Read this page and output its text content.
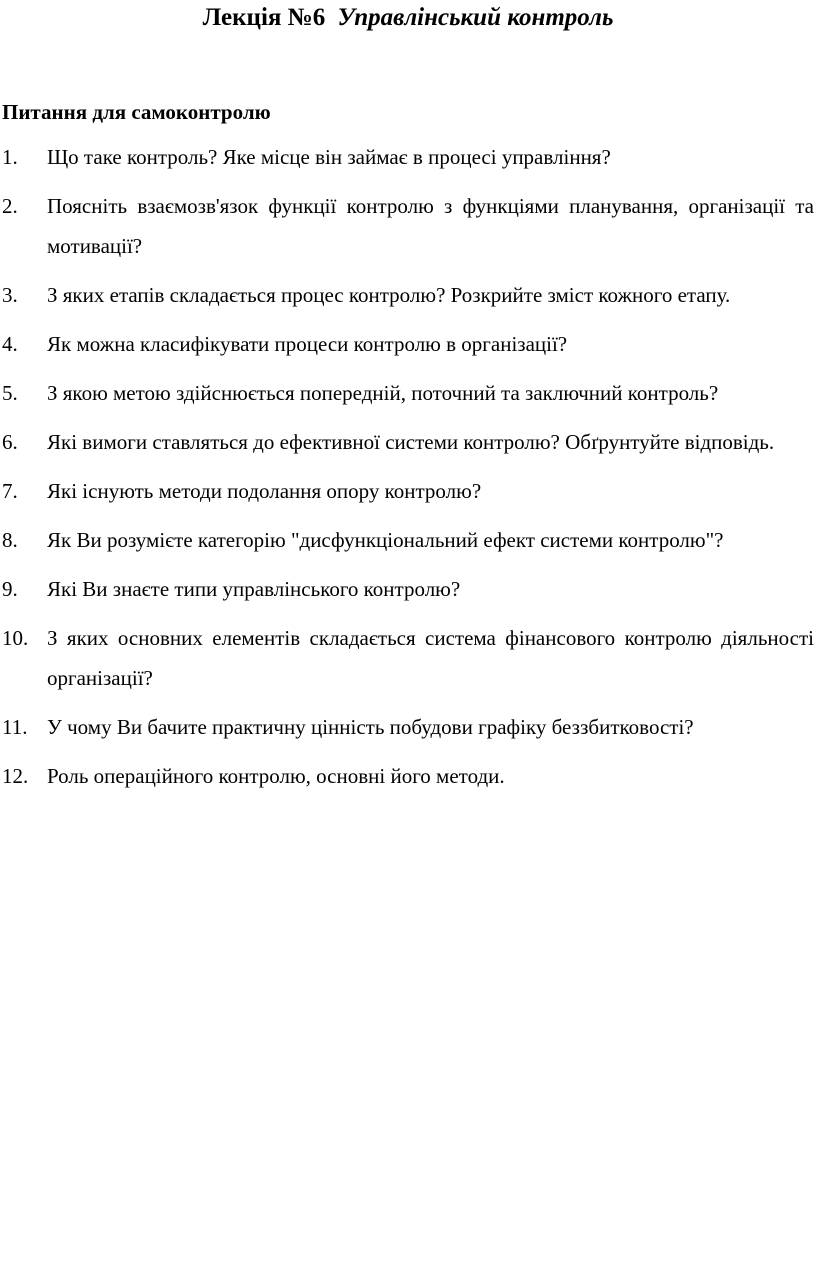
Лекція №6 Управлінський контроль
Питання для самоконтролю
1.	Що таке контроль? Яке місце він займає в процесі управління?
2.	Поясніть взаємозв'язок функції контролю з функціями планування, організації та мотивації?
3.	З яких етапів складається процес контролю? Розкрийте зміст кожного етапу.
4.	Як можна класифікувати процеси контролю в організації?
5.	З якою метою здійснюється попередній, поточний та заключний контроль?
6.	Які вимоги ставляться до ефективної системи контролю? Обґрунтуйте відповідь.
7.	Які існують методи подолання опору контролю?
8.	Як Ви розумієте категорію "дисфункціональний ефект системи контролю"?
9.	Які Ви знаєте типи управлінського контролю?
10. З яких основних елементів складається система фінансового контролю діяльності організації?
11. У чому Ви бачите практичну цінність побудови графіку беззбитковості?
12. Роль операційного контролю, основні його методи.
